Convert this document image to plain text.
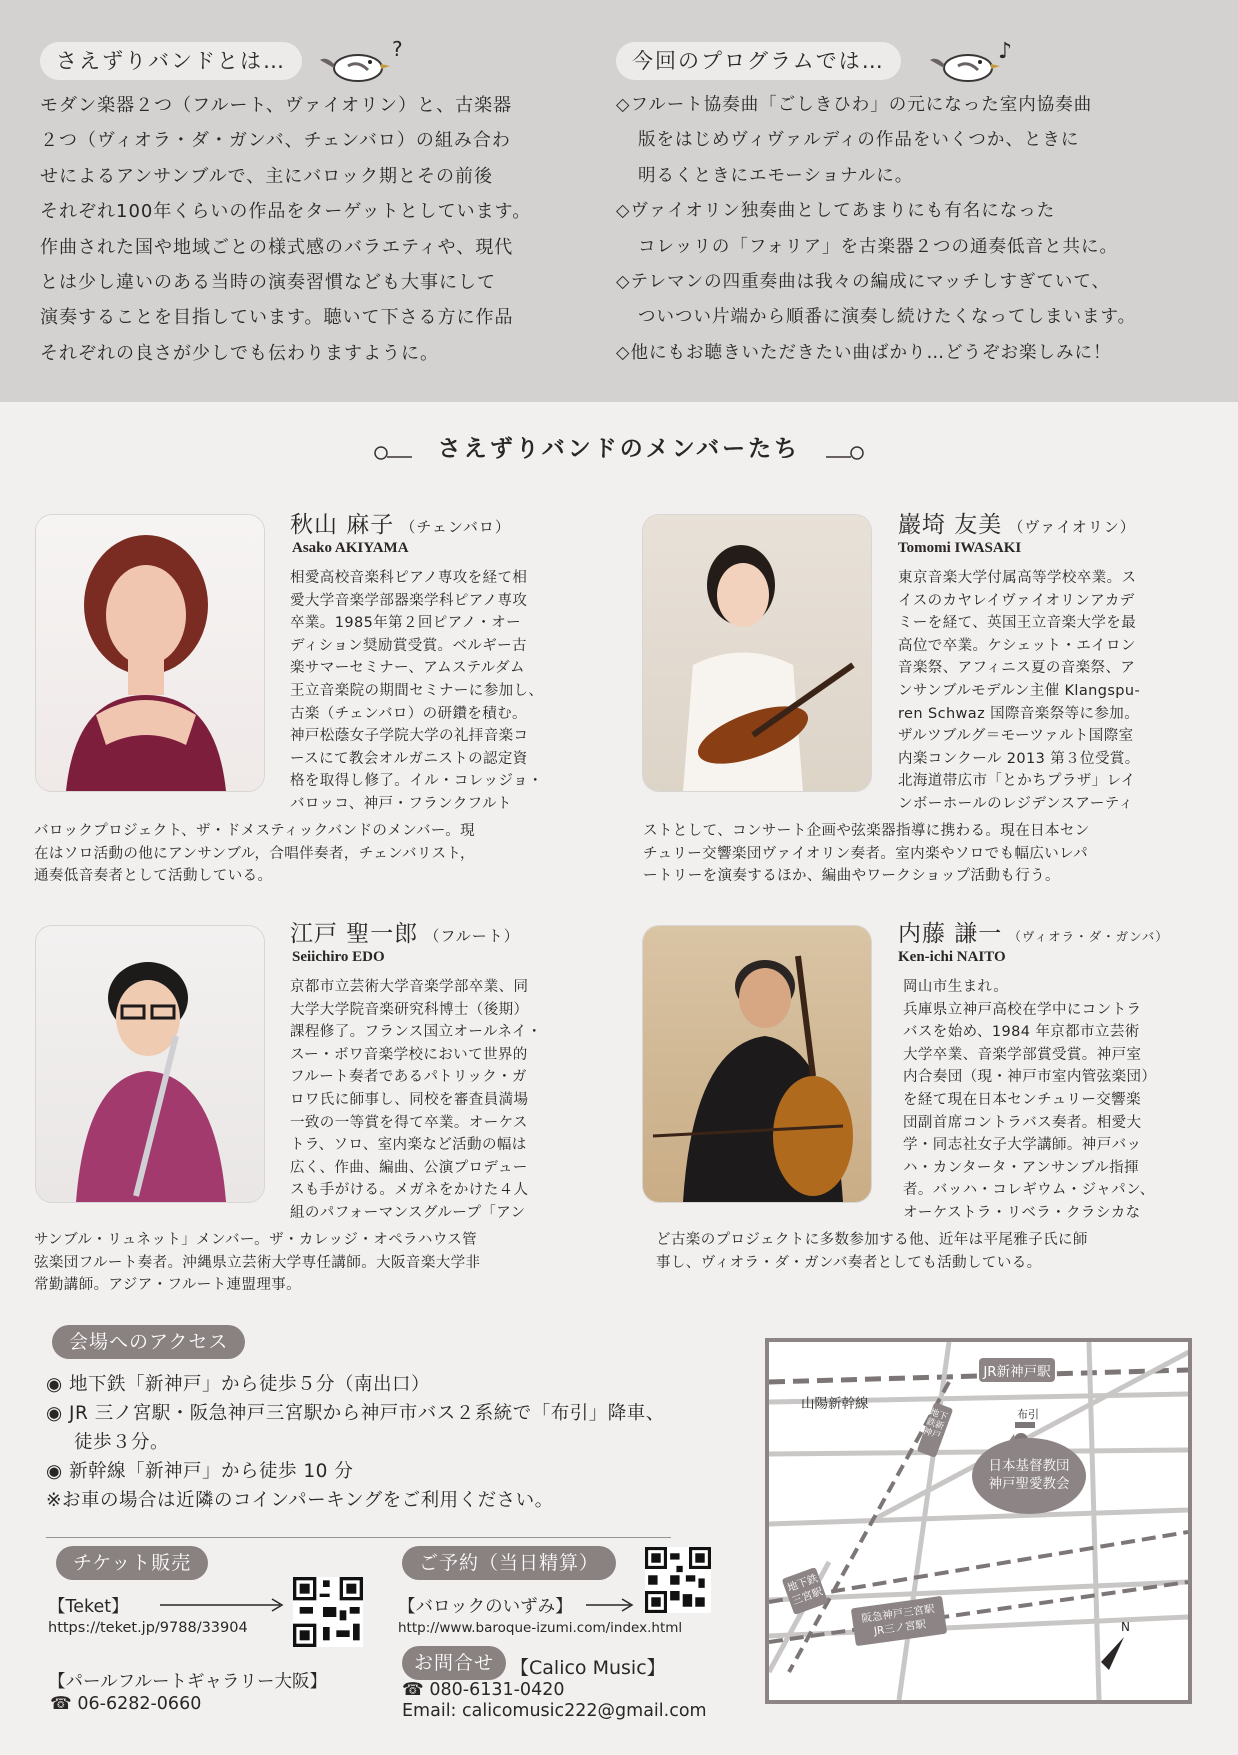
さえずりバンドとは…	?
モダン楽器２つ（フルート、ヴァイオリン）と、古楽器
２つ（ヴィオラ・ダ・ガンバ、チェンバロ）の組み合わ
せによるアンサンブルで、主にバロック期とその前後
それぞれ100年くらいの作品をターゲットとしています。
作曲された国や地域ごとの様式感のバラエティや、現代
とは少し違いのある当時の演奏習慣なども大事にして
演奏することを目指しています。聴いて下さる方に作品
それぞれの良さが少しでも伝わりますように。
今回のプログラムでは…	♪
◇フルート協奏曲「ごしきひわ」の元になった室内協奏曲
版をはじめヴィヴァルディの作品をいくつか、ときに
明るくときにエモーショナルに。
◇ヴァイオリン独奏曲としてあまりにも有名になった
コレッリの「フォリア」を古楽器２つの通奏低音と共に。
◇テレマンの四重奏曲は我々の編成にマッチしすぎていて、
ついつい片端から順番に演奏し続けたくなってしまいます。
◇他にもお聴きいただきたい曲ばかり…どうぞお楽しみに！
さえずりバンドのメンバーたち
秋山 麻子 （チェンバロ）
Asako AKIYAMA
相愛高校音楽科ピアノ専攻を経て相
愛大学音楽学部器楽学科ピアノ専攻
卒業。1985年第２回ピアノ・オー
ディション奨励賞受賞。ベルギー古
楽サマーセミナー、アムステルダム
王立音楽院の期間セミナーに参加し、
古楽（チェンバロ）の研鑽を積む。
神戸松蔭女子学院大学の礼拝音楽コ
ースにて教会オルガニストの認定資
格を取得し修了。イル・コレッジョ・
バロッコ、神戸・フランクフルト
バロックプロジェクト、ザ・ドメスティックバンドのメンバー。現
在はソロ活動の他にアンサンブル，合唱伴奏者，チェンバリスト，
通奏低音奏者として活動している。
巖埼 友美 （ヴァイオリン）
Tomomi IWASAKI
東京音楽大学付属高等学校卒業。ス
イスのカヤレイヴァイオリンアカデ
ミーを経て、英国王立音楽大学を最
高位で卒業。ケシェット・エイロン
音楽祭、アフィニス夏の音楽祭、ア
ンサンブルモデルン主催 Klangspu-
ren Schwaz 国際音楽祭等に参加。
ザルツブルグ＝モーツァルト国際室
内楽コンクール 2013 第３位受賞。
北海道帯広市「とかちプラザ」レイ
ンボーホールのレジデンスアーティ
ストとして、コンサート企画や弦楽器指導に携わる。現在日本セン
チュリー交響楽団ヴァイオリン奏者。室内楽やソロでも幅広いレパ
ートリーを演奏するほか、編曲やワークショップ活動も行う。
江戸 聖一郎 （フルート）
Seiichiro EDO
京都市立芸術大学音楽学部卒業、同
大学大学院音楽研究科博士（後期）
課程修了。フランス国立オールネイ・
スー・ボワ音楽学校において世界的
フルート奏者であるパトリック・ガ
ロワ氏に師事し、同校を審査員満場
一致の一等賞を得て卒業。オーケス
トラ、ソロ、室内楽など活動の幅は
広く、作曲、編曲、公演プロデュー
スも手がける。メガネをかけた４人
組のパフォーマンスグループ「アン
サンブル・リュネット」メンバー。ザ・カレッジ・オペラハウス管
弦楽団フルート奏者。沖縄県立芸術大学専任講師。大阪音楽大学非
常勤講師。アジア・フルート連盟理事。
内藤 謙一 （ヴィオラ・ダ・ガンバ）
Ken-ichi NAITO
岡山市生まれ。
兵庫県立神戸高校在学中にコントラ
バスを始め、1984 年京都市立芸術
大学卒業、音楽学部賞受賞。神戸室
内合奏団（現・神戸市室内管弦楽団）
を経て現在日本センチュリー交響楽
団副首席コントラバス奏者。相愛大
学・同志社女子大学講師。神戸バッ
ハ・カンタータ・アンサンブル指揮
者。バッハ・コレギウム・ジャパン、
オーケストラ・リベラ・クラシカな
ど古楽のプロジェクトに多数参加する他、近年は平尾雅子氏に師
事し、ヴィオラ・ダ・ガンバ奏者としても活動している。
会場へのアクセス
◉ 地下鉄「新神戸」から徒歩５分（南出口）
◉ JR 三ノ宮駅・阪急神戸三宮駅から神戸市バス２系統で「布引」降車、
徒歩３分。
◉ 新幹線「新神戸」から徒歩 10 分
※お車の場合は近隣のコインパーキングをご利用ください。
チケット販売
【Teket】
https://teket.jp/9788/33904
【パールフルートギャラリー大阪】
☎ 06-6282-0660
ご予約（当日精算）
【バロックのいずみ】
http://www.baroque-izumi.com/index.html
お問合せ 【Calico Music】
☎ 080-6131-0420
Email: calicomusic222@gmail.com
JR新神戸駅
山陽新幹線
地下鉄新神戸
布引
日本基督教団
神戸聖愛教会
地下鉄
三宮駅
阪急神戸三宮駅
JR三ノ宮駅	N
